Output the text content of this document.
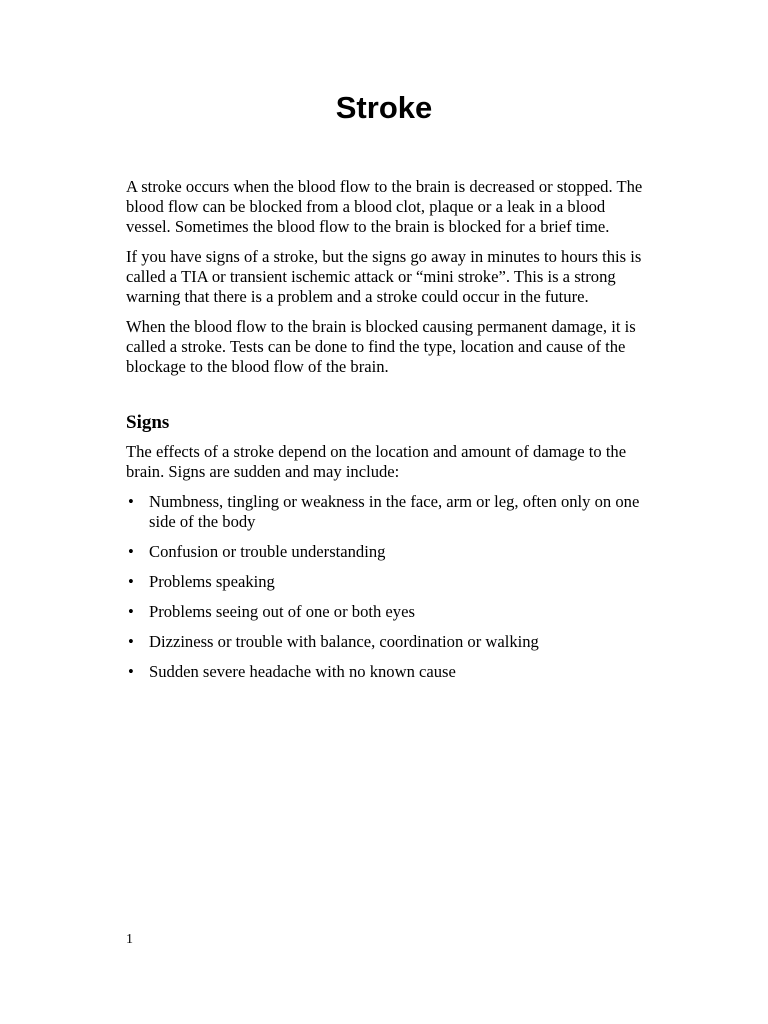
Stroke

A stroke occurs when the blood flow to the brain is decreased or stopped. The blood flow can be blocked from a blood clot, plaque or a leak in a blood vessel. Sometimes the blood flow to the brain is blocked for a brief time.

If you have signs of a stroke, but the signs go away in minutes to hours this is called a TIA or transient ischemic attack or “mini stroke”. This is a strong warning that there is a problem and a stroke could occur in the future.

When the blood flow to the brain is blocked causing permanent damage, it is called a stroke. Tests can be done to find the type, location and cause of the blockage to the blood flow of the brain.

Signs

The effects of a stroke depend on the location and amount of damage to the brain. Signs are sudden and may include:

• Numbness, tingling or weakness in the face, arm or leg, often only on one side of the body
• Confusion or trouble understanding
• Problems speaking
• Problems seeing out of one or both eyes
• Dizziness or trouble with balance, coordination or walking
• Sudden severe headache with no known cause
1
